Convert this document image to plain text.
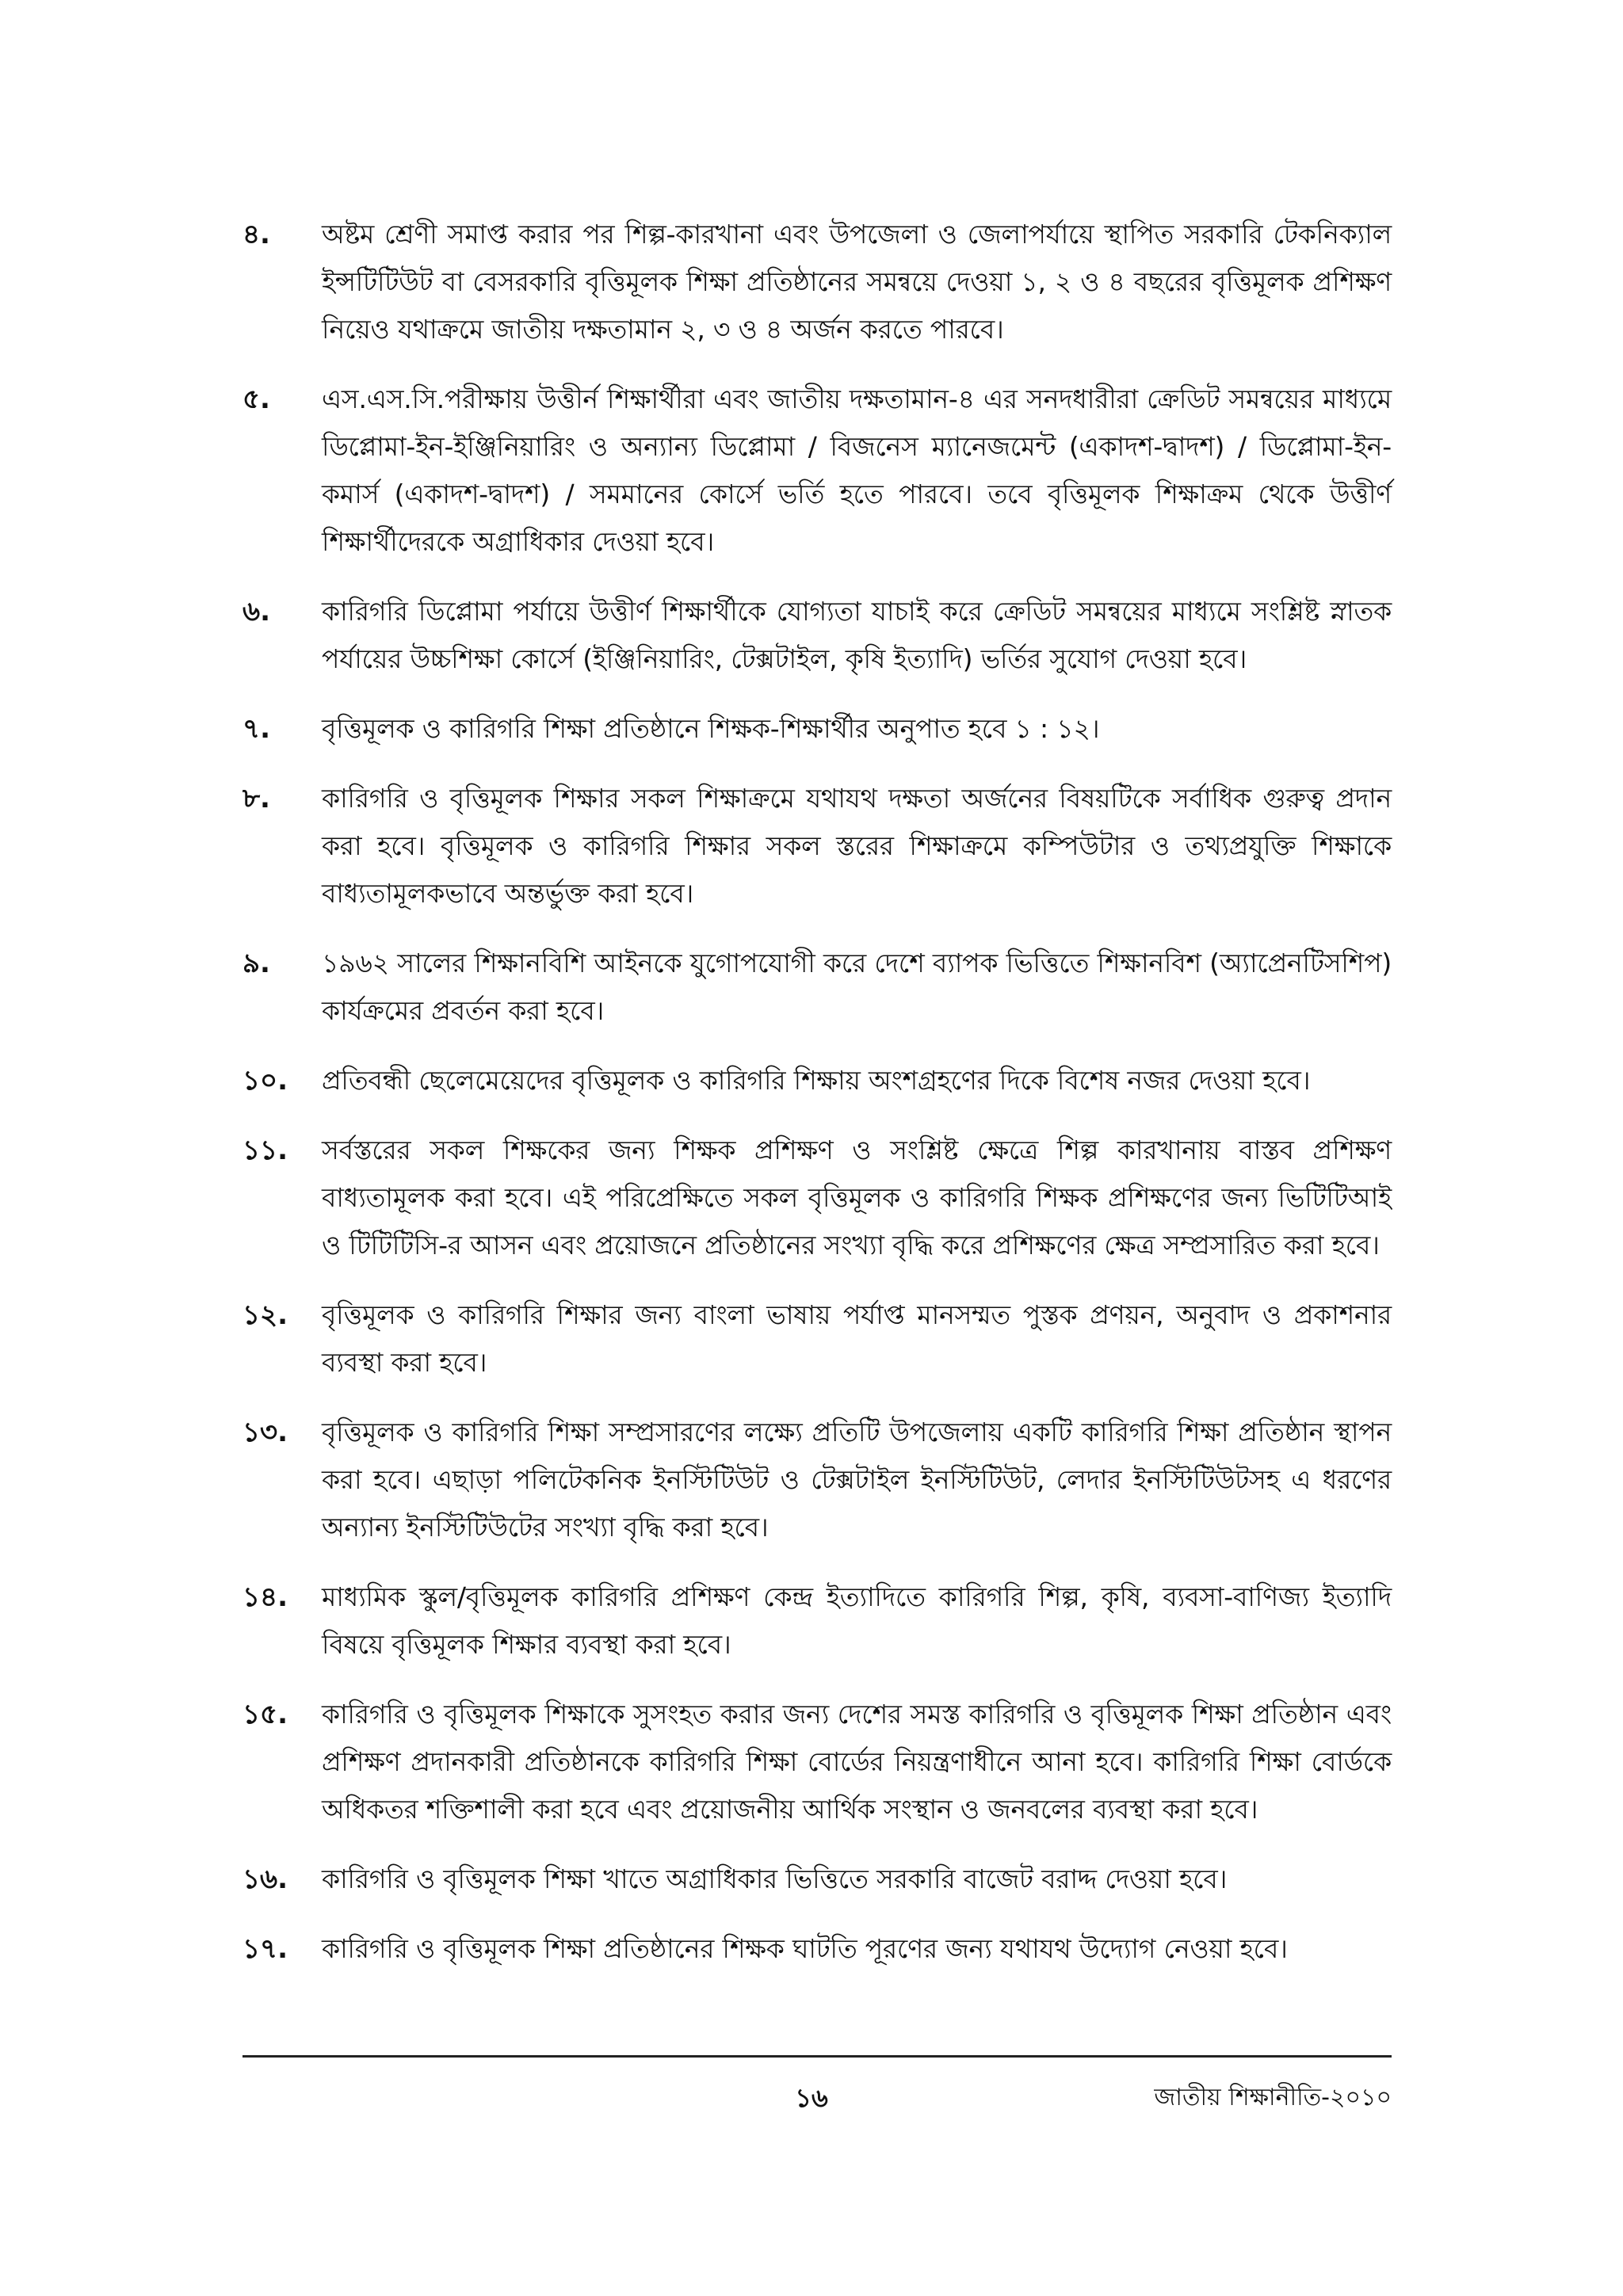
৪.	অষ্টম শ্রেণী সমাপ্ত করার পর শিল্প-কারখানা এবং উপজেলা ও জেলাপর্যায়ে স্থাপিত সরকারি টেকনিক্যাল ইন্সটিটিউট বা বেসরকারি বৃত্তিমূলক শিক্ষা প্রতিষ্ঠানের সমন্বয়ে দেওয়া ১, ২ ও ৪ বছরের বৃত্তিমূলক প্রশিক্ষণ নিয়েও যথাক্রমে জাতীয় দক্ষতামান ২, ৩ ও ৪ অর্জন করতে পারবে।
৫.	এস.এস.সি.পরীক্ষায় উত্তীর্ন শিক্ষার্থীরা এবং জাতীয় দক্ষতামান-৪ এর সনদধারীরা ক্রেডিট সমন্বয়ের মাধ্যমে ডিপ্লোমা-ইন-ইঞ্জিনিয়ারিং ও অন্যান্য ডিপ্লোমা / বিজনেস ম্যানেজমেন্ট (একাদশ-দ্বাদশ) / ডিপ্লোমা-ইন-কমার্স (একাদশ-দ্বাদশ) / সমমানের কোর্সে ভর্তি হতে পারবে। তবে বৃত্তিমূলক শিক্ষাক্রম থেকে উত্তীর্ণ শিক্ষার্থীদেরকে অগ্রাধিকার দেওয়া হবে।
৬.	কারিগরি ডিপ্লোমা পর্যায়ে উত্তীর্ণ শিক্ষার্থীকে যোগ্যতা যাচাই করে ক্রেডিট সমন্বয়ের মাধ্যমে সংশ্লিষ্ট স্নাতক পর্যায়ের উচ্চশিক্ষা কোর্সে (ইঞ্জিনিয়ারিং, টেক্সটাইল, কৃষি ইত্যাদি) ভর্তির সুযোগ দেওয়া হবে।
৭.	বৃত্তিমূলক ও কারিগরি শিক্ষা প্রতিষ্ঠানে শিক্ষক-শিক্ষার্থীর অনুপাত হবে ১ : ১২।
৮.	কারিগরি ও বৃত্তিমূলক শিক্ষার সকল শিক্ষাক্রমে যথাযথ দক্ষতা অর্জনের বিষয়টিকে সর্বাধিক গুরুত্ব প্রদান করা হবে। বৃত্তিমূলক ও কারিগরি শিক্ষার সকল স্তরের শিক্ষাক্রমে কম্পিউটার ও তথ্যপ্রযুক্তি শিক্ষাকে বাধ্যতামূলকভাবে অন্তর্ভুক্ত করা হবে।
৯.	১৯৬২ সালের শিক্ষানবিশি আইনকে যুগোপযোগী করে দেশে ব্যাপক ভিত্তিতে শিক্ষানবিশ (অ্যাপ্রেনটিসশিপ) কার্যক্রমের প্রবর্তন করা হবে।
১০.	প্রতিবন্ধী ছেলেমেয়েদের বৃত্তিমূলক ও কারিগরি শিক্ষায় অংশগ্রহণের দিকে বিশেষ নজর দেওয়া হবে।
১১.	সর্বস্তরের সকল শিক্ষকের জন্য শিক্ষক প্রশিক্ষণ ও সংশ্লিষ্ট ক্ষেত্রে শিল্প কারখানায় বাস্তব প্রশিক্ষণ বাধ্যতামূলক করা হবে। এই পরিপ্রেক্ষিতে সকল বৃত্তিমূলক ও কারিগরি শিক্ষক প্রশিক্ষণের জন্য ভিটিটিআই ও টিটিটিসি-র আসন এবং প্রয়োজনে প্রতিষ্ঠানের সংখ্যা বৃদ্ধি করে প্রশিক্ষণের ক্ষেত্র সম্প্রসারিত করা হবে।
১২.	বৃত্তিমূলক ও কারিগরি শিক্ষার জন্য বাংলা ভাষায় পর্যাপ্ত মানসম্মত পুস্তক প্রণয়ন, অনুবাদ ও প্রকাশনার ব্যবস্থা করা হবে।
১৩.	বৃত্তিমূলক ও কারিগরি শিক্ষা সম্প্রসারণের লক্ষ্যে প্রতিটি উপজেলায় একটি কারিগরি শিক্ষা প্রতিষ্ঠান স্থাপন করা হবে। এছাড়া পলিটেকনিক ইনস্টিটিউট ও টেক্সটাইল ইনস্টিটিউট, লেদার ইনস্টিটিউটসহ এ ধরণের অন্যান্য ইনস্টিটিউটের সংখ্যা বৃদ্ধি করা হবে।
১৪.	মাধ্যমিক স্কুল/বৃত্তিমূলক কারিগরি প্রশিক্ষণ কেন্দ্র ইত্যাদিতে কারিগরি শিল্প, কৃষি, ব্যবসা-বাণিজ্য ইত্যাদি বিষয়ে বৃত্তিমূলক শিক্ষার ব্যবস্থা করা হবে।
১৫.	কারিগরি ও বৃত্তিমূলক শিক্ষাকে সুসংহত করার জন্য দেশের সমস্ত কারিগরি ও বৃত্তিমূলক শিক্ষা প্রতিষ্ঠান এবং প্রশিক্ষণ প্রদানকারী প্রতিষ্ঠানকে কারিগরি শিক্ষা বোর্ডের নিয়ন্ত্রণাধীনে আনা হবে। কারিগরি শিক্ষা বোর্ডকে অধিকতর শক্তিশালী করা হবে এবং প্রয়োজনীয় আর্থিক সংস্থান ও জনবলের ব্যবস্থা করা হবে।
১৬.	কারিগরি ও বৃত্তিমূলক শিক্ষা খাতে অগ্রাধিকার ভিত্তিতে সরকারি বাজেট বরাদ্দ দেওয়া হবে।
১৭.	কারিগরি ও বৃত্তিমূলক শিক্ষা প্রতিষ্ঠানের শিক্ষক ঘাটতি পূরণের জন্য যথাযথ উদ্যোগ নেওয়া হবে।
১৬	জাতীয় শিক্ষানীতি-২০১০
